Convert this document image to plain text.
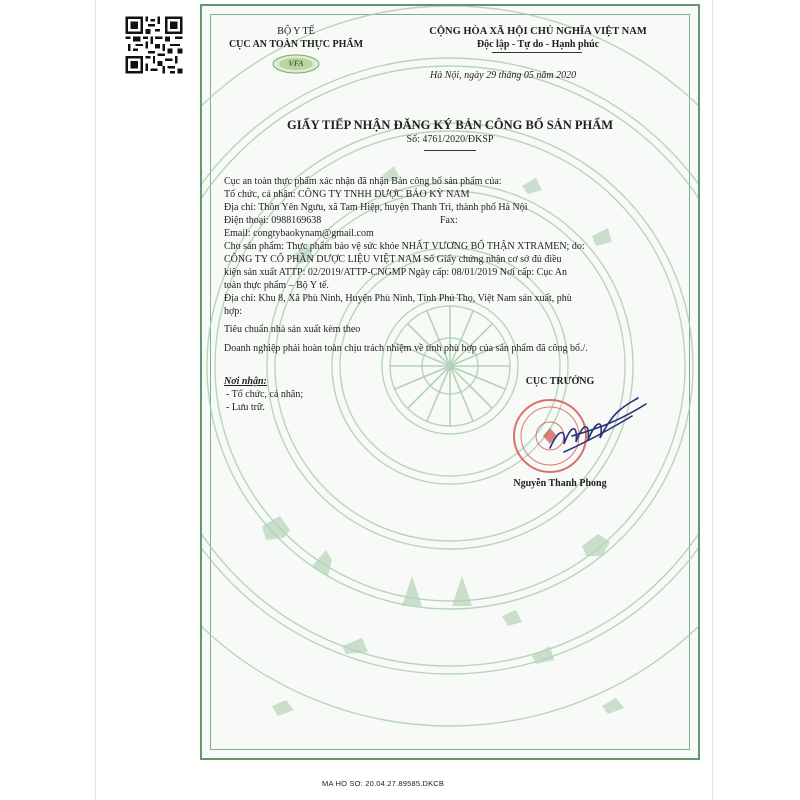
BỘ Y TẾ
CỤC AN TOÀN THỰC PHẨM
VFA
CỘNG HÒA XÃ HỘI CHỦ NGHĨA VIỆT NAM
Độc lập - Tự do - Hạnh phúc
Hà Nội, ngày 29 tháng 05 năm 2020
GIẤY TIẾP NHẬN ĐĂNG KÝ BẢN CÔNG BỐ SẢN PHẨM
Số: 4761/2020/ĐKSP
Cục an toàn thực phẩm xác nhận đã nhận Bản công bố sản phẩm của:
Tổ chức, cá nhân: CÔNG TY TNHH DƯỢC BẢO KỲ NAM
Địa chỉ: Thôn Yên Ngưu, xã Tam Hiệp, huyện Thanh Trì, thành phố Hà Nội
Điện thoại: 0988169638	Fax:
Email: congtybaokynam@gmail.com
Cho sản phẩm: Thực phẩm bảo vệ sức khỏe NHẤT VƯƠNG BỔ THẬN XTRAMEN; do:
CÔNG TY CỔ PHẦN DƯỢC LIỆU VIỆT NAM Số Giấy chứng nhận cơ sở đủ điều
kiện sản xuất ATTP: 02/2019/ATTP-CNGMP Ngày cấp: 08/01/2019 Nơi cấp: Cục An
toàn thực phẩm – Bộ Y tế.
Địa chỉ: Khu 8, Xã Phù Ninh, Huyện Phù Ninh, Tỉnh Phú Thọ, Việt Nam sản xuất, phù
hợp:
Tiêu chuẩn nhà sản xuất kèm theo
Doanh nghiệp phải hoàn toàn chịu trách nhiệm về tính phù hợp của sản phẩm đã công bố./.
Nơi nhận:
- Tổ chức, cá nhân;
- Lưu trữ.
CỤC TRƯỞNG
Nguyễn Thanh Phong
MA HO SO: 20.04.27.89585.DKCB
